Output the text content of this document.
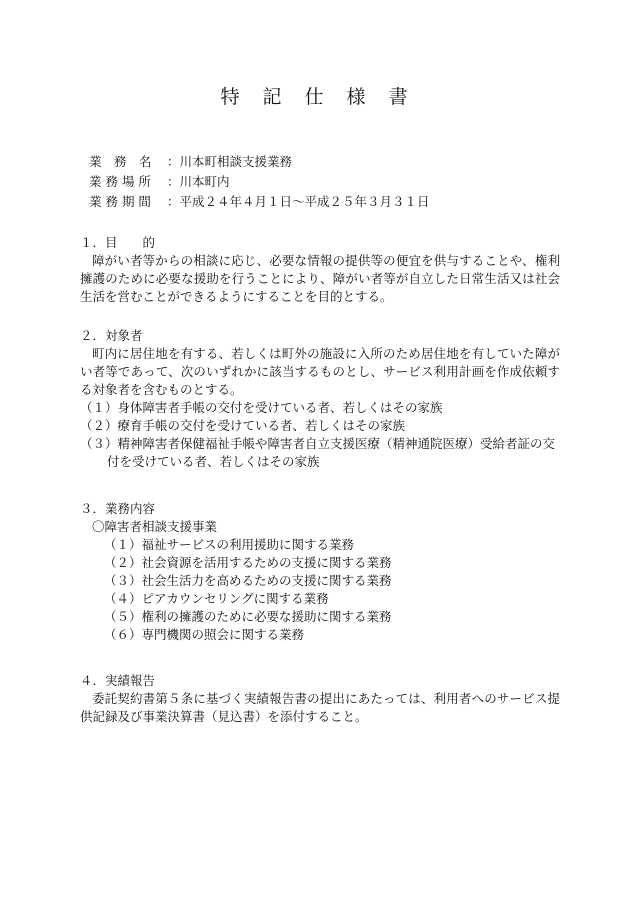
特　記　仕　様　書
業　務　名 ：川本町相談支援業務
業 務 場 所 ：川本町内
業 務 期 間 ：平成２４年４月１日〜平成２５年３月３１日
１．目　　的
障がい者等からの相談に応じ、必要な情報の提供等の便宜を供与することや、権利擁護のために必要な援助を行うことにより、障がい者等が自立した日常生活又は社会生活を営むことができるようにすることを目的とする。
２．対象者
町内に居住地を有する、若しくは町外の施設に入所のため居住地を有していた障がい者等であって、次のいずれかに該当するものとし、サービス利用計画を作成依頼する対象者を含むものとする。
（１）身体障害者手帳の交付を受けている者、若しくはその家族
（２）療育手帳の交付を受けている者、若しくはその家族
（３）精神障害者保健福祉手帳や障害者自立支援医療（精神通院医療）受給者証の交付を受けている者、若しくはその家族
３．業務内容
〇障害者相談支援事業
（１）福祉サービスの利用援助に関する業務
（２）社会資源を活用するための支援に関する業務
（３）社会生活力を高めるための支援に関する業務
（４）ピアカウンセリングに関する業務
（５）権利の擁護のために必要な援助に関する業務
（６）専門機関の照会に関する業務
４．実績報告
委託契約書第５条に基づく実績報告書の提出にあたっては、利用者へのサービス提供記録及び事業決算書（見込書）を添付すること。
